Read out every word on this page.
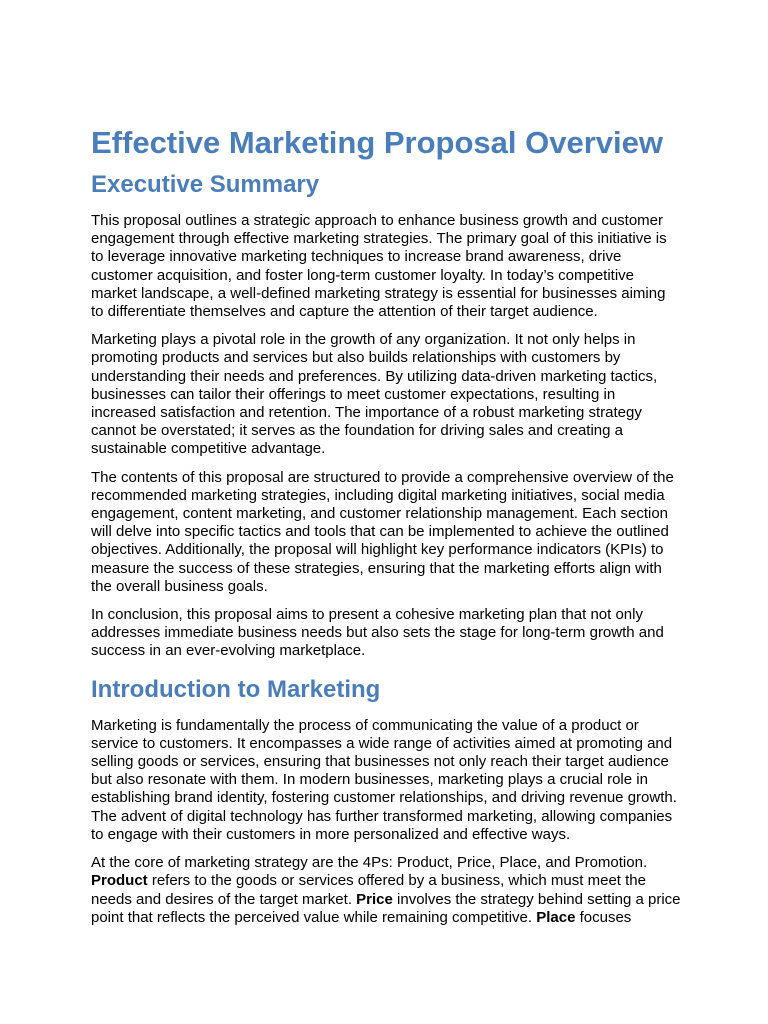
Effective Marketing Proposal Overview
Executive Summary

This proposal outlines a strategic approach to enhance business growth and customer engagement through effective marketing strategies. The primary goal of this initiative is to leverage innovative marketing techniques to increase brand awareness, drive customer acquisition, and foster long-term customer loyalty. In today’s competitive market landscape, a well-defined marketing strategy is essential for businesses aiming to differentiate themselves and capture the attention of their target audience.

Marketing plays a pivotal role in the growth of any organization. It not only helps in promoting products and services but also builds relationships with customers by understanding their needs and preferences. By utilizing data-driven marketing tactics, businesses can tailor their offerings to meet customer expectations, resulting in increased satisfaction and retention. The importance of a robust marketing strategy cannot be overstated; it serves as the foundation for driving sales and creating a sustainable competitive advantage.

The contents of this proposal are structured to provide a comprehensive overview of the recommended marketing strategies, including digital marketing initiatives, social media engagement, content marketing, and customer relationship management. Each section will delve into specific tactics and tools that can be implemented to achieve the outlined objectives. Additionally, the proposal will highlight key performance indicators (KPIs) to measure the success of these strategies, ensuring that the marketing efforts align with the overall business goals.

In conclusion, this proposal aims to present a cohesive marketing plan that not only addresses immediate business needs but also sets the stage for long-term growth and success in an ever-evolving marketplace.

Introduction to Marketing

Marketing is fundamentally the process of communicating the value of a product or service to customers. It encompasses a wide range of activities aimed at promoting and selling goods or services, ensuring that businesses not only reach their target audience but also resonate with them. In modern businesses, marketing plays a crucial role in establishing brand identity, fostering customer relationships, and driving revenue growth. The advent of digital technology has further transformed marketing, allowing companies to engage with their customers in more personalized and effective ways.

At the core of marketing strategy are the 4Ps: Product, Price, Place, and Promotion. Product refers to the goods or services offered by a business, which must meet the needs and desires of the target market. Price involves the strategy behind setting a price point that reflects the perceived value while remaining competitive. Place focuses
